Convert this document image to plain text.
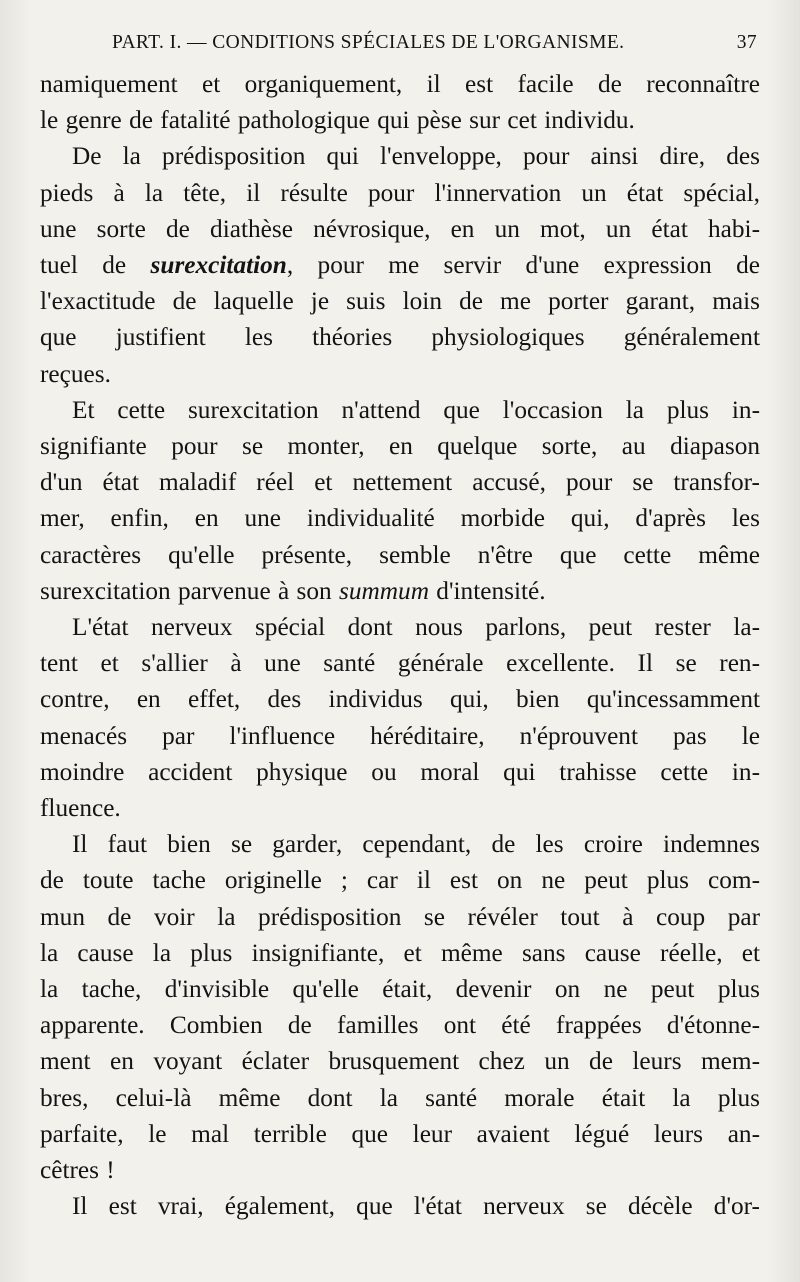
PART. I. — CONDITIONS SPÉCIALES DE L'ORGANISME.	37

namiquement et organiquement, il est facile de reconnaître

le genre de fatalité pathologique qui pèse sur cet individu.

De la prédisposition qui l'enveloppe, pour ainsi dire, des

pieds à la tête, il résulte pour l'innervation un état spécial,

une sorte de diathèse névrosique, en un mot, un état habi-

tuel de surexcitation, pour me servir d'une expression de

l'exactitude de laquelle je suis loin de me porter garant, mais

que justifient les théories physiologiques généralement

reçues.

Et cette surexcitation n'attend que l'occasion la plus in-

signifiante pour se monter, en quelque sorte, au diapason

d'un état maladif réel et nettement accusé, pour se transfor-

mer, enfin, en une individualité morbide qui, d'après les

caractères qu'elle présente, semble n'être que cette même

surexcitation parvenue à son summum d'intensité.

L'état nerveux spécial dont nous parlons, peut rester la-

tent et s'allier à une santé générale excellente. Il se ren-

contre, en effet, des individus qui, bien qu'incessamment

menacés par l'influence héréditaire, n'éprouvent pas le

moindre accident physique ou moral qui trahisse cette in-

fluence.

Il faut bien se garder, cependant, de les croire indemnes

de toute tache originelle ; car il est on ne peut plus com-

mun de voir la prédisposition se révéler tout à coup par

la cause la plus insignifiante, et même sans cause réelle, et

la tache, d'invisible qu'elle était, devenir on ne peut plus

apparente. Combien de familles ont été frappées d'étonne-

ment en voyant éclater brusquement chez un de leurs mem-

bres, celui-là même dont la santé morale était la plus

parfaite, le mal terrible que leur avaient légué leurs an-

cêtres !

Il est vrai, également, que l'état nerveux se décèle d'or-
